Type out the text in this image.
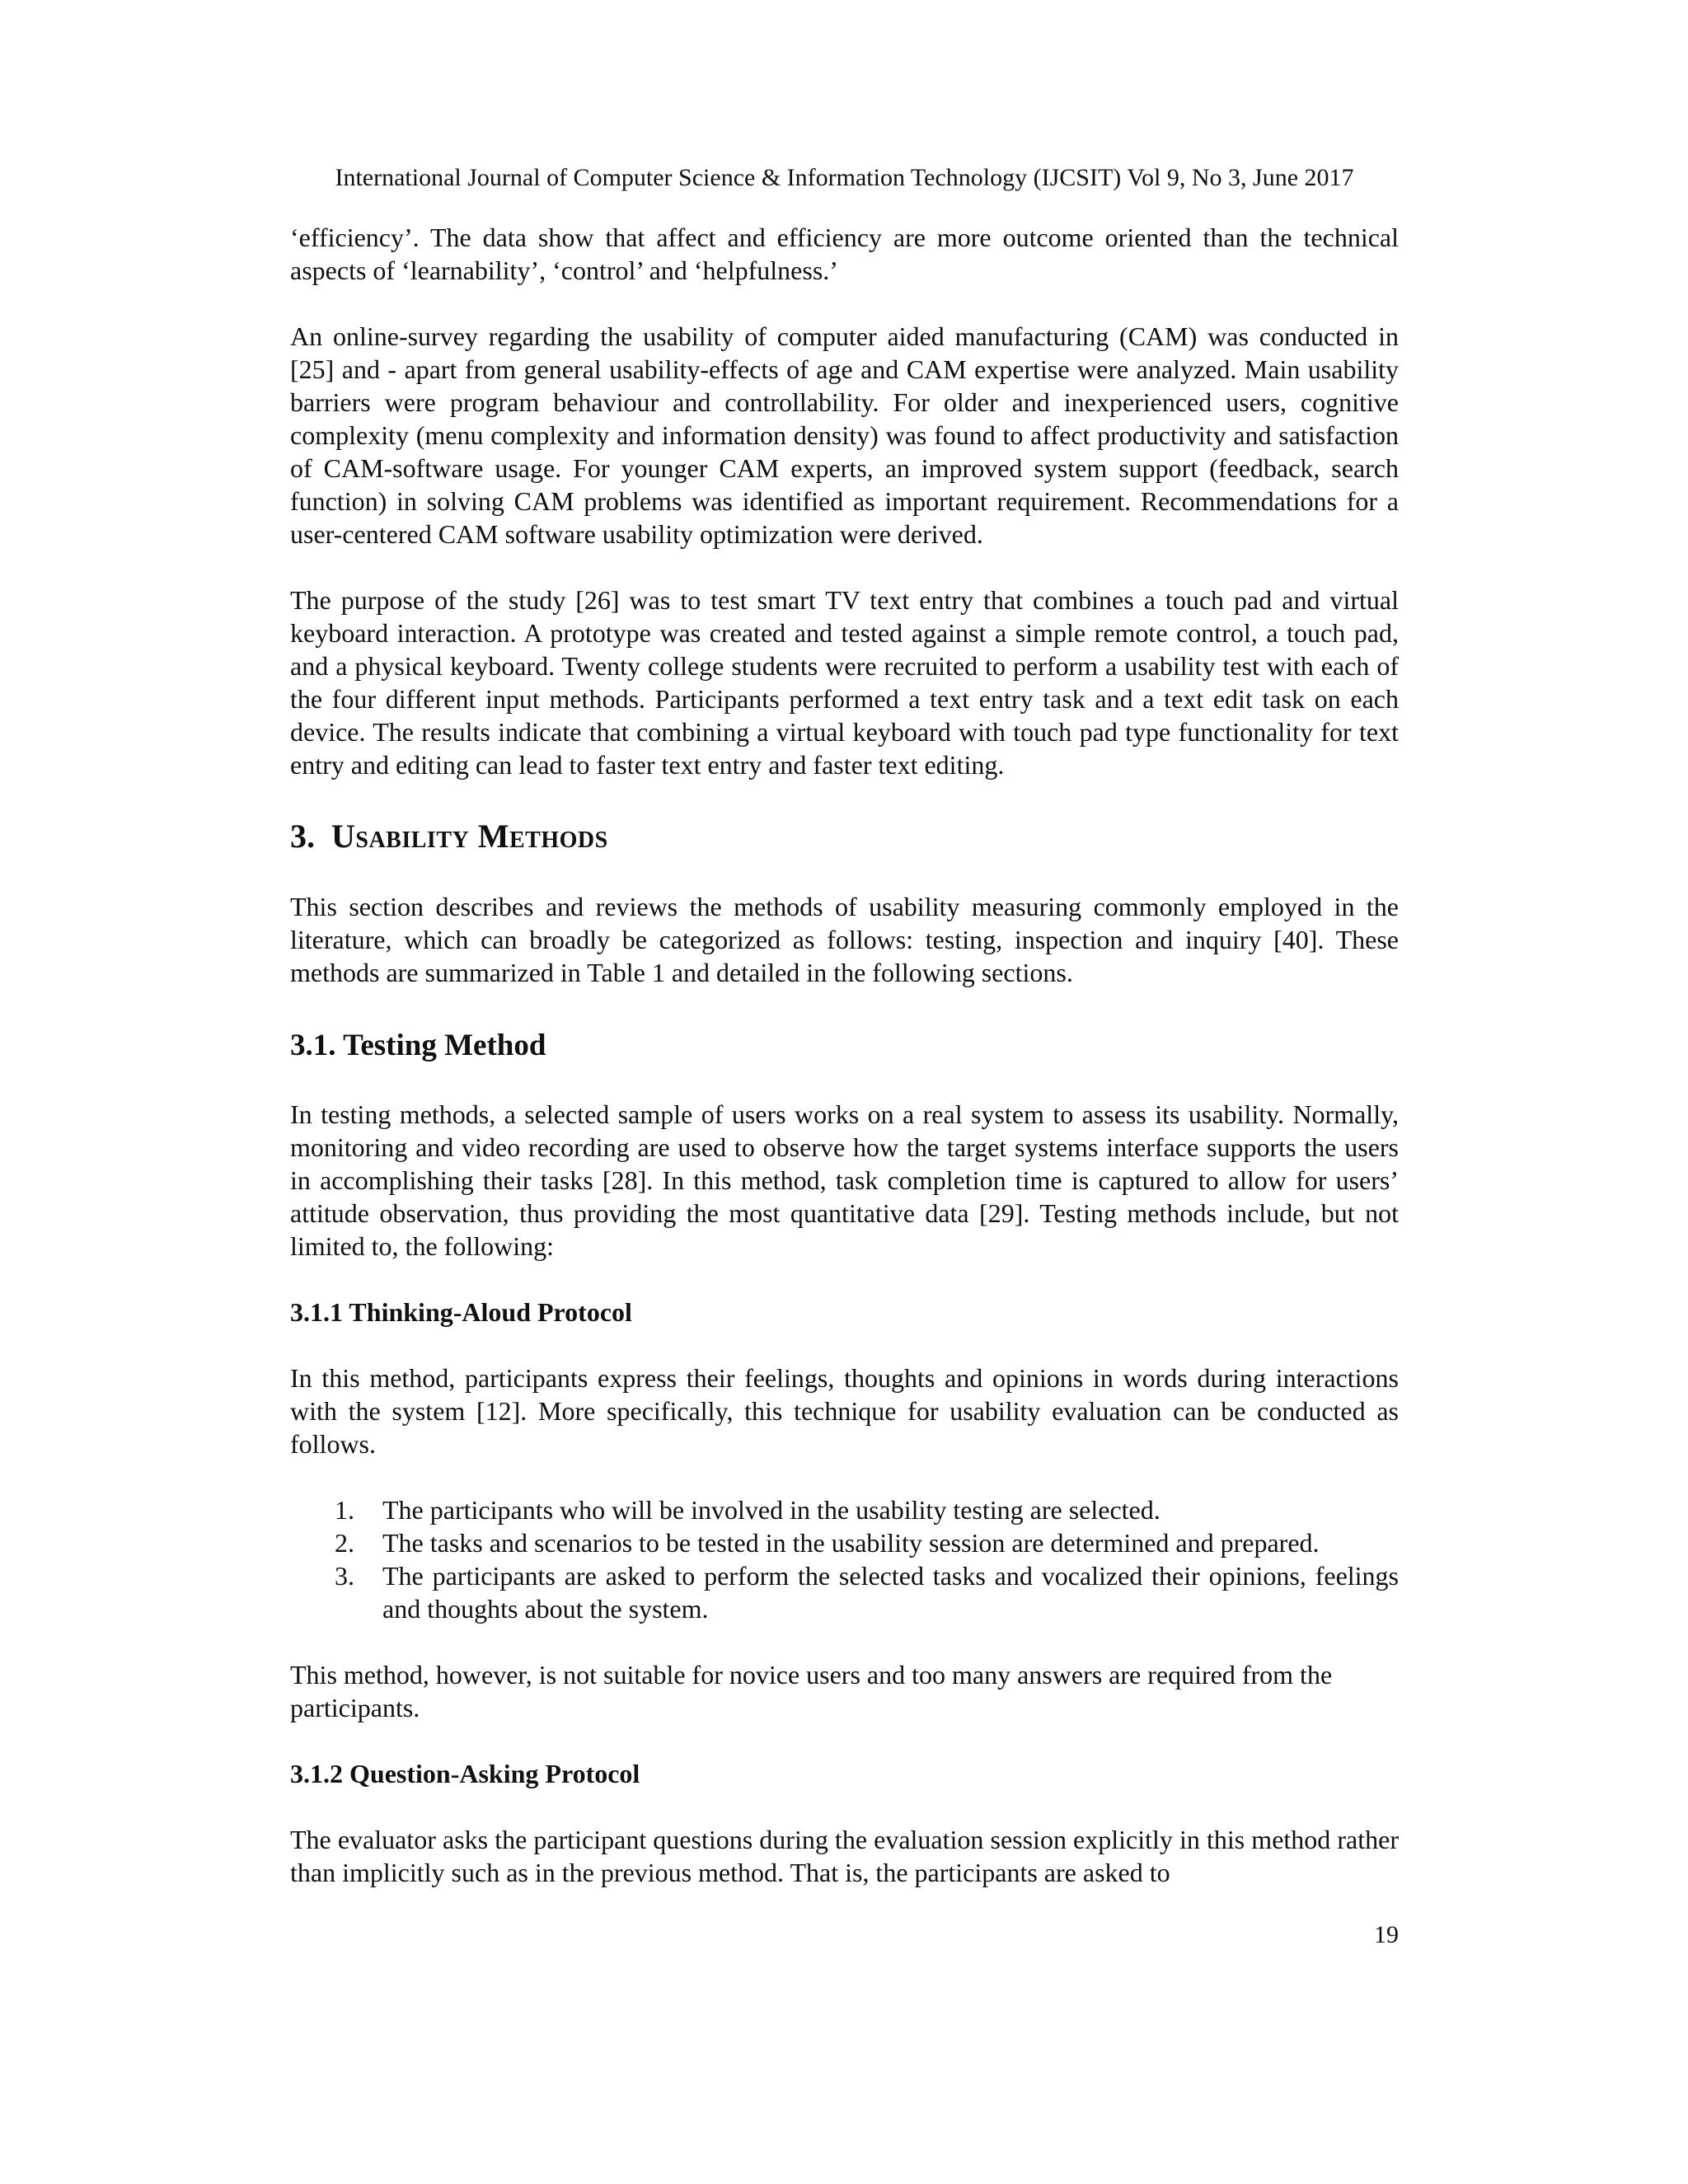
International Journal of Computer Science & Information Technology (IJCSIT) Vol 9, No 3, June 2017

‘efficiency’. The data show that affect and efficiency are more outcome oriented than the technical aspects of ‘learnability’, ‘control’ and ‘helpfulness.’

An online-survey regarding the usability of computer aided manufacturing (CAM) was conducted in [25] and - apart from general usability-effects of age and CAM expertise were analyzed. Main usability barriers were program behaviour and controllability. For older and inexperienced users, cognitive complexity (menu complexity and information density) was found to affect productivity and satisfaction of CAM-software usage. For younger CAM experts, an improved system support (feedback, search function) in solving CAM problems was identified as important requirement. Recommendations for a user-centered CAM software usability optimization were derived.

The purpose of the study [26] was to test smart TV text entry that combines a touch pad and virtual keyboard interaction. A prototype was created and tested against a simple remote control, a touch pad, and a physical keyboard. Twenty college students were recruited to perform a usability test with each of the four different input methods. Participants performed a text entry task and a text edit task on each device. The results indicate that combining a virtual keyboard with touch pad type functionality for text entry and editing can lead to faster text entry and faster text editing.

3. Usability Methods

This section describes and reviews the methods of usability measuring commonly employed in the literature, which can broadly be categorized as follows: testing, inspection and inquiry [40]. These methods are summarized in Table 1 and detailed in the following sections.

3.1. Testing Method

In testing methods, a selected sample of users works on a real system to assess its usability. Normally, monitoring and video recording are used to observe how the target systems interface supports the users in accomplishing their tasks [28]. In this method, task completion time is captured to allow for users’ attitude observation, thus providing the most quantitative data [29]. Testing methods include, but not limited to, the following:

3.1.1 Thinking-Aloud Protocol

In this method, participants express their feelings, thoughts and opinions in words during interactions with the system [12]. More specifically, this technique for usability evaluation can be conducted as follows.

1. The participants who will be involved in the usability testing are selected.
2. The tasks and scenarios to be tested in the usability session are determined and prepared.
3. The participants are asked to perform the selected tasks and vocalized their opinions, feelings and thoughts about the system.

This method, however, is not suitable for novice users and too many answers are required from the participants.

3.1.2 Question-Asking Protocol

The evaluator asks the participant questions during the evaluation session explicitly in this method rather than implicitly such as in the previous method. That is, the participants are asked to

19
